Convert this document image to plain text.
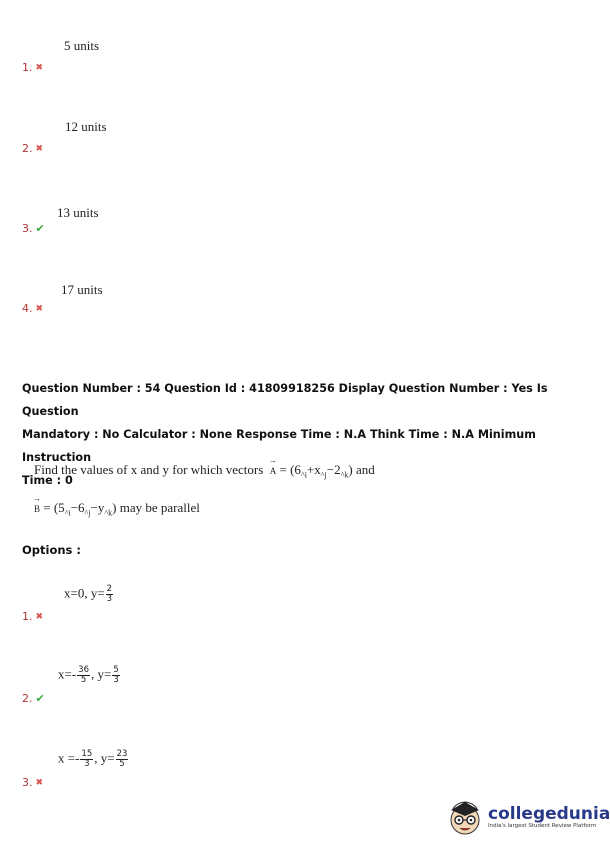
5 units
1. ✖
12 units
2. ✖
13 units
3. ✔
17 units
4. ✖
Question Number : 54 Question Id : 41809918256 Display Question Number : Yes Is Question
Mandatory : No Calculator : None Response Time : N.A Think Time : N.A Minimum Instruction
Time : 0
Find the values of x and y for which vectors  → $A = (6_{\^{}i}+x_{\^{}j}-2_{\^{}k})$ and
→ $B = (5_{\^{}i}-6_{\^{}j}-y_{\^{}k})$ may be parallel
Options :
x=0, $y= \frac{2}{3}$
1. ✖
$x=- \frac{36}{5}$ , $y= \frac{5}{3}$
2. ✔
$x =- \frac{15}{3}$ , $y= \frac{23}{5}$
3. ✖
collegedunia
India's largest Student Review Platform
